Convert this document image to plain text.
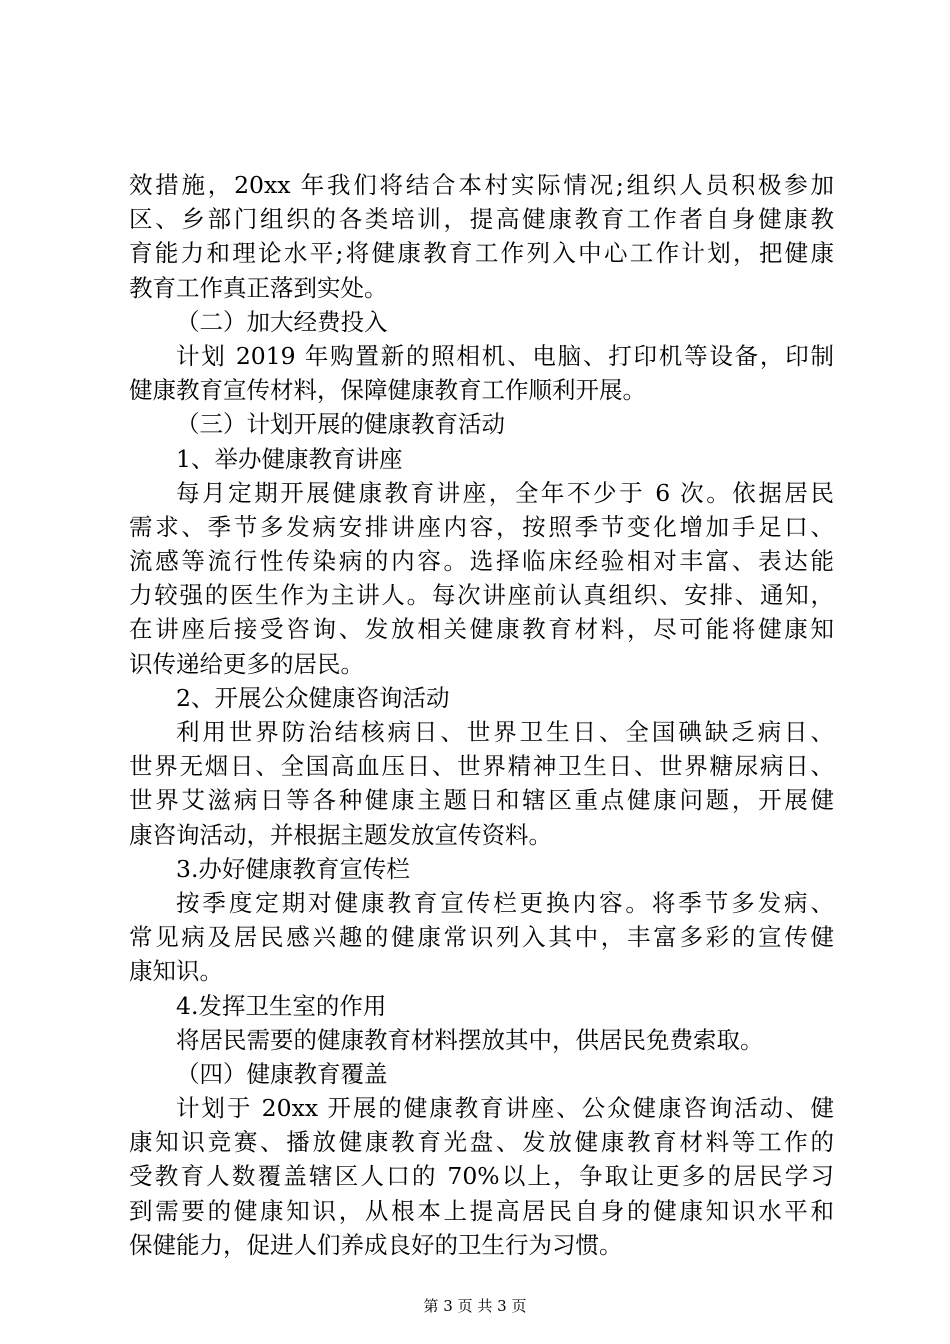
效措施，20xx 年我们将结合本村实际情况;组织人员积极参加
区、乡部门组织的各类培训，提高健康教育工作者自身健康教
育能力和理论水平;将健康教育工作列入中心工作计划，把健康
教育工作真正落到实处。
（二）加大经费投入
计划 2019 年购置新的照相机、电脑、打印机等设备，印制
健康教育宣传材料，保障健康教育工作顺利开展。
（三）计划开展的健康教育活动
1、举办健康教育讲座
每月定期开展健康教育讲座，全年不少于 6 次。依据居民
需求、季节多发病安排讲座内容，按照季节变化增加手足口、
流感等流行性传染病的内容。选择临床经验相对丰富、表达能
力较强的医生作为主讲人。每次讲座前认真组织、安排、通知，
在讲座后接受咨询、发放相关健康教育材料，尽可能将健康知
识传递给更多的居民。
2、开展公众健康咨询活动
利用世界防治结核病日、世界卫生日、全国碘缺乏病日、
世界无烟日、全国高血压日、世界精神卫生日、世界糖尿病日、
世界艾滋病日等各种健康主题日和辖区重点健康问题，开展健
康咨询活动，并根据主题发放宣传资料。
3.办好健康教育宣传栏
按季度定期对健康教育宣传栏更换内容。将季节多发病、
常见病及居民感兴趣的健康常识列入其中，丰富多彩的宣传健
康知识。
4.发挥卫生室的作用
将居民需要的健康教育材料摆放其中，供居民免费索取。
（四）健康教育覆盖
计划于 20xx 开展的健康教育讲座、公众健康咨询活动、健
康知识竞赛、播放健康教育光盘、发放健康教育材料等工作的
受教育人数覆盖辖区人口的 70%以上，争取让更多的居民学习
到需要的健康知识，从根本上提高居民自身的健康知识水平和
保健能力，促进人们养成良好的卫生行为习惯。
第 3 页 共 3 页
